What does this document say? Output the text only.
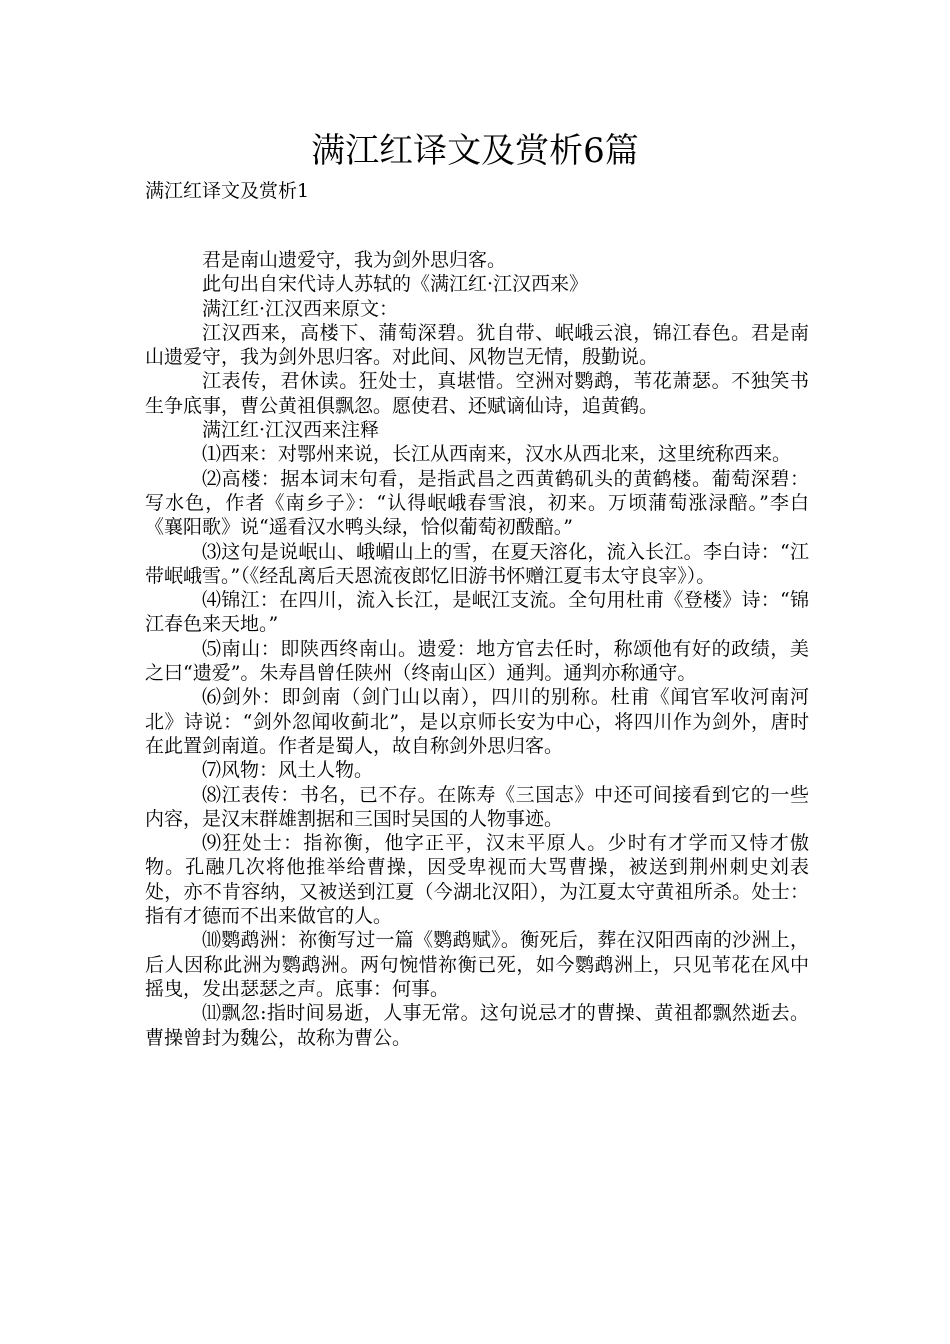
满江红译文及赏析6篇
满江红译文及赏析1

君是南山遗爱守，我为剑外思归客。

此句出自宋代诗人苏轼的《满江红·江汉西来》

满江红·江汉西来原文：

江汉西来，高楼下、蒲萄深碧。犹自带、岷峨云浪，锦江春色。君是南山遗爱守，我为剑外思归客。对此间、风物岂无情，殷勤说。

江表传，君休读。狂处士，真堪惜。空洲对鹦鹉，苇花萧瑟。不独笑书生争底事，曹公黄祖俱飘忽。愿使君、还赋谪仙诗，追黄鹤。

满江红·江汉西来注释

⑴西来：对鄂州来说，长江从西南来，汉水从西北来，这里统称西来。

⑵高楼：据本词末句看，是指武昌之西黄鹤矶头的黄鹤楼。葡萄深碧：写水色，作者《南乡子》：“认得岷峨春雪浪，初来。万顷蒲萄涨渌醅。”李白《襄阳歌》说“遥看汉水鸭头绿，恰似葡萄初酦醅。”

⑶这句是说岷山、峨嵋山上的雪，在夏天溶化，流入长江。李白诗：“江带岷峨雪。”（《经乱离后天恩流夜郎忆旧游书怀赠江夏韦太守良宰》）。

⑷锦江：在四川，流入长江，是岷江支流。全句用杜甫《登楼》诗：“锦江春色来天地。”

⑸南山：即陕西终南山。遗爱：地方官去任时，称颂他有好的政绩，美之曰“遗爱”。朱寿昌曾任陕州（终南山区）通判。通判亦称通守。

⑹剑外：即剑南（剑门山以南），四川的别称。杜甫《闻官军收河南河北》诗说：“剑外忽闻收蓟北”，是以京师长安为中心，将四川作为剑外，唐时在此置剑南道。作者是蜀人，故自称剑外思归客。

⑺风物：风土人物。

⑻江表传：书名，已不存。在陈寿《三国志》中还可间接看到它的一些内容，是汉末群雄割据和三国时吴国的人物事迹。

⑼狂处士：指祢衡，他字正平，汉末平原人。少时有才学而又恃才傲物。孔融几次将他推举给曹操，因受卑视而大骂曹操，被送到荆州刺史刘表处，亦不肯容纳，又被送到江夏（今湖北汉阳），为江夏太守黄祖所杀。处士：指有才德而不出来做官的人。

⑽鹦鹉洲：祢衡写过一篇《鹦鹉赋》。衡死后，葬在汉阳西南的沙洲上，后人因称此洲为鹦鹉洲。两句惋惜祢衡已死，如今鹦鹉洲上，只见苇花在风中摇曳，发出瑟瑟之声。底事：何事。

⑾飘忽:指时间易逝，人事无常。这句说忌才的曹操、黄祖都飘然逝去。曹操曾封为魏公，故称为曹公。
